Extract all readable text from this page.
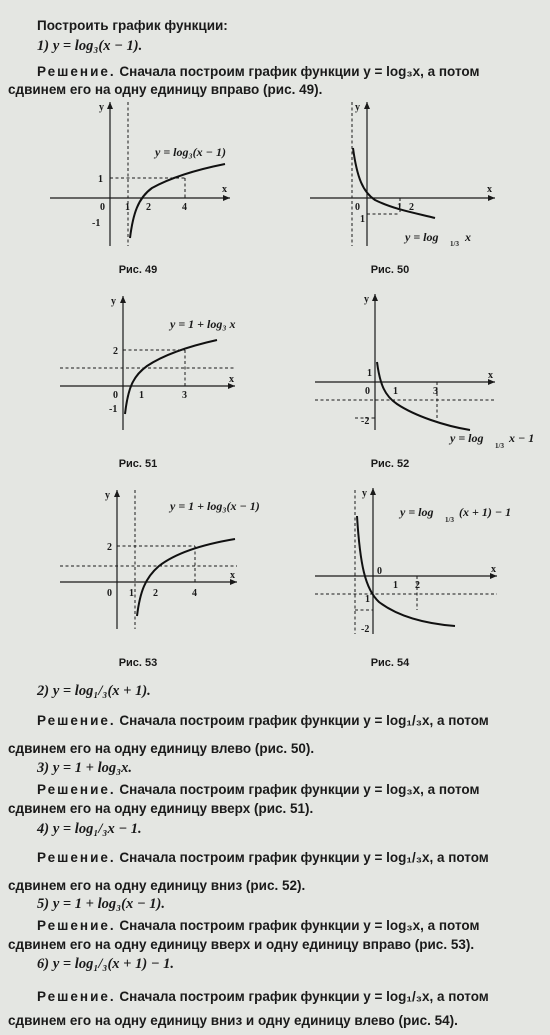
Построить график функции:
1) y = log₃(x − 1).
Решение. Сначала построим график функции y = log₃x, а потом
сдвинем его на одну единицу вправо (рис. 49).
x
y
0 1 2	4
1
-1
y = log₃(x − 1)
Рис. 49
x
y
0	1 2
1
y = log 1/3 x
Рис. 50
x
y
0 1	3
2
-1
y = 1 + log₃ x
Рис. 51
x
y
0 1	3
1
-2
y = log
1/3
x − 1
Рис. 52
x
y
0 1 2	4
2
y = 1 + log₃(x − 1)
Рис. 53
x
y
0
1 2
1
-2
y = log
1/3
(x + 1) − 1
Рис. 54
2) y = log₁/₃(x + 1).
Решение. Сначала построим график функции y = log₁/₃x, а потом
сдвинем его на одну единицу влево (рис. 50).
3) y = 1 + log₃x.
Решение. Сначала построим график функции y = log₃x, а потом
сдвинем его на одну единицу вверх (рис. 51).
4) y = log₁/₃x − 1.
Решение. Сначала построим график функции y = log₁/₃x, а потом
сдвинем его на одну единицу вниз (рис. 52).
5) y = 1 + log₃(x − 1).
Решение. Сначала построим график функции y = log₃x, а потом
сдвинем его на одну единицу вверх и одну единицу вправо (рис. 53).
6) y = log₁/₃(x + 1) − 1.
Решение. Сначала построим график функции y = log₁/₃x, а потом
сдвинем его на одну единицу вниз и одну единицу влево (рис. 54).
